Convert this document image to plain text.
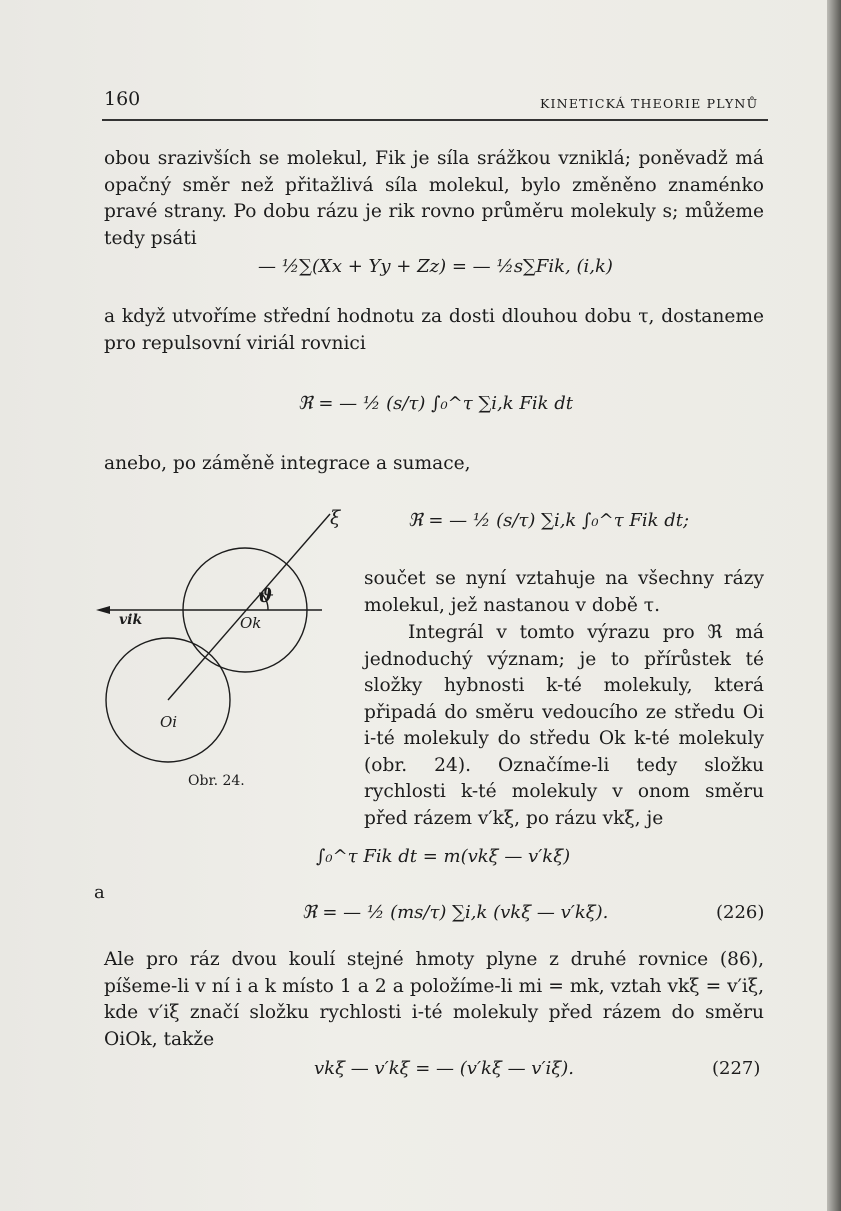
160	KINETICKÁ THEORIE PLYNŮ

obou srazivších se molekul, Fik je síla srážkou vzniklá; poněvadž má opačný směr než přitažlivá síla molekul, bylo změněno znaménko pravé strany. Po dobu rázu je rik rovno průměru molekuly s; můžeme tedy psáti

— ½∑(Xx + Yy + Zz) = — ½s∑Fik, (i,k)

a když utvoříme střední hodnotu za dosti dlouhou dobu τ, dostaneme pro repulsovní viriál rovnici

ℜ = — ½ (s/τ) ∫₀^τ ∑i,k Fik dt

anebo, po záměně integrace a sumace,

ℜ = — ½ (s/τ) ∑i,k ∫₀^τ Fik dt;
ξ
ϑ
vik	Ok
Oi
Obr. 24.

součet se nyní vztahuje na všechny rázy molekul, jež nastanou v době τ.

Integrál v tomto výrazu pro ℜ má jednoduchý význam; je to přírůstek té složky hybnosti k-té molekuly, která připadá do směru vedoucího ze středu Oi i-té molekuly do středu Ok k-té molekuly (obr. 24). Označíme-li tedy složku rychlosti k-té molekuly v onom směru před rázem v′kξ, po rázu vkξ, je

∫₀^τ Fik dt = m(vkξ — v′kξ)
a
ℜ = — ½ (ms/τ) ∑i,k (vkξ — v′kξ).	(226)

Ale pro ráz dvou koulí stejné hmoty plyne z druhé rovnice (86), píšeme-li v ní i a k místo 1 a 2 a položíme-li mi = mk, vztah vkξ = v′iξ, kde v′iξ značí složku rychlosti i-té molekuly před rázem do směru OiOk, takže

vkξ — v′kξ = — (v′kξ — v′iξ).	(227)
